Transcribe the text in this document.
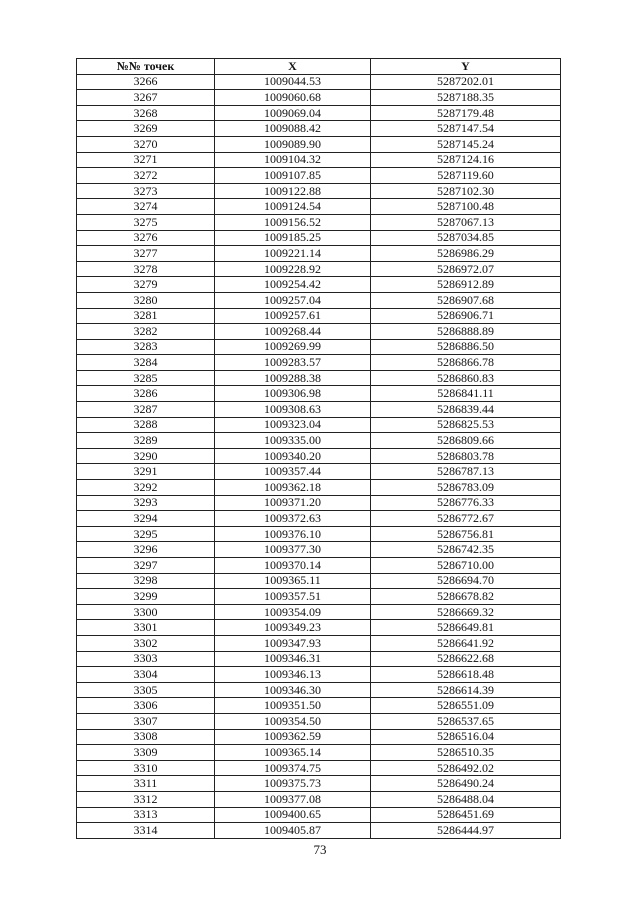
№№ точек	X	Y
3266	1009044.53	5287202.01
3267	1009060.68	5287188.35
3268	1009069.04	5287179.48
3269	1009088.42	5287147.54
3270	1009089.90	5287145.24
3271	1009104.32	5287124.16
3272	1009107.85	5287119.60
3273	1009122.88	5287102.30
3274	1009124.54	5287100.48
3275	1009156.52	5287067.13
3276	1009185.25	5287034.85
3277	1009221.14	5286986.29
3278	1009228.92	5286972.07
3279	1009254.42	5286912.89
3280	1009257.04	5286907.68
3281	1009257.61	5286906.71
3282	1009268.44	5286888.89
3283	1009269.99	5286886.50
3284	1009283.57	5286866.78
3285	1009288.38	5286860.83
3286	1009306.98	5286841.11
3287	1009308.63	5286839.44
3288	1009323.04	5286825.53
3289	1009335.00	5286809.66
3290	1009340.20	5286803.78
3291	1009357.44	5286787.13
3292	1009362.18	5286783.09
3293	1009371.20	5286776.33
3294	1009372.63	5286772.67
3295	1009376.10	5286756.81
3296	1009377.30	5286742.35
3297	1009370.14	5286710.00
3298	1009365.11	5286694.70
3299	1009357.51	5286678.82
3300	1009354.09	5286669.32
3301	1009349.23	5286649.81
3302	1009347.93	5286641.92
3303	1009346.31	5286622.68
3304	1009346.13	5286618.48
3305	1009346.30	5286614.39
3306	1009351.50	5286551.09
3307	1009354.50	5286537.65
3308	1009362.59	5286516.04
3309	1009365.14	5286510.35
3310	1009374.75	5286492.02
3311	1009375.73	5286490.24
3312	1009377.08	5286488.04
3313	1009400.65	5286451.69
3314	1009405.87	5286444.97
73
